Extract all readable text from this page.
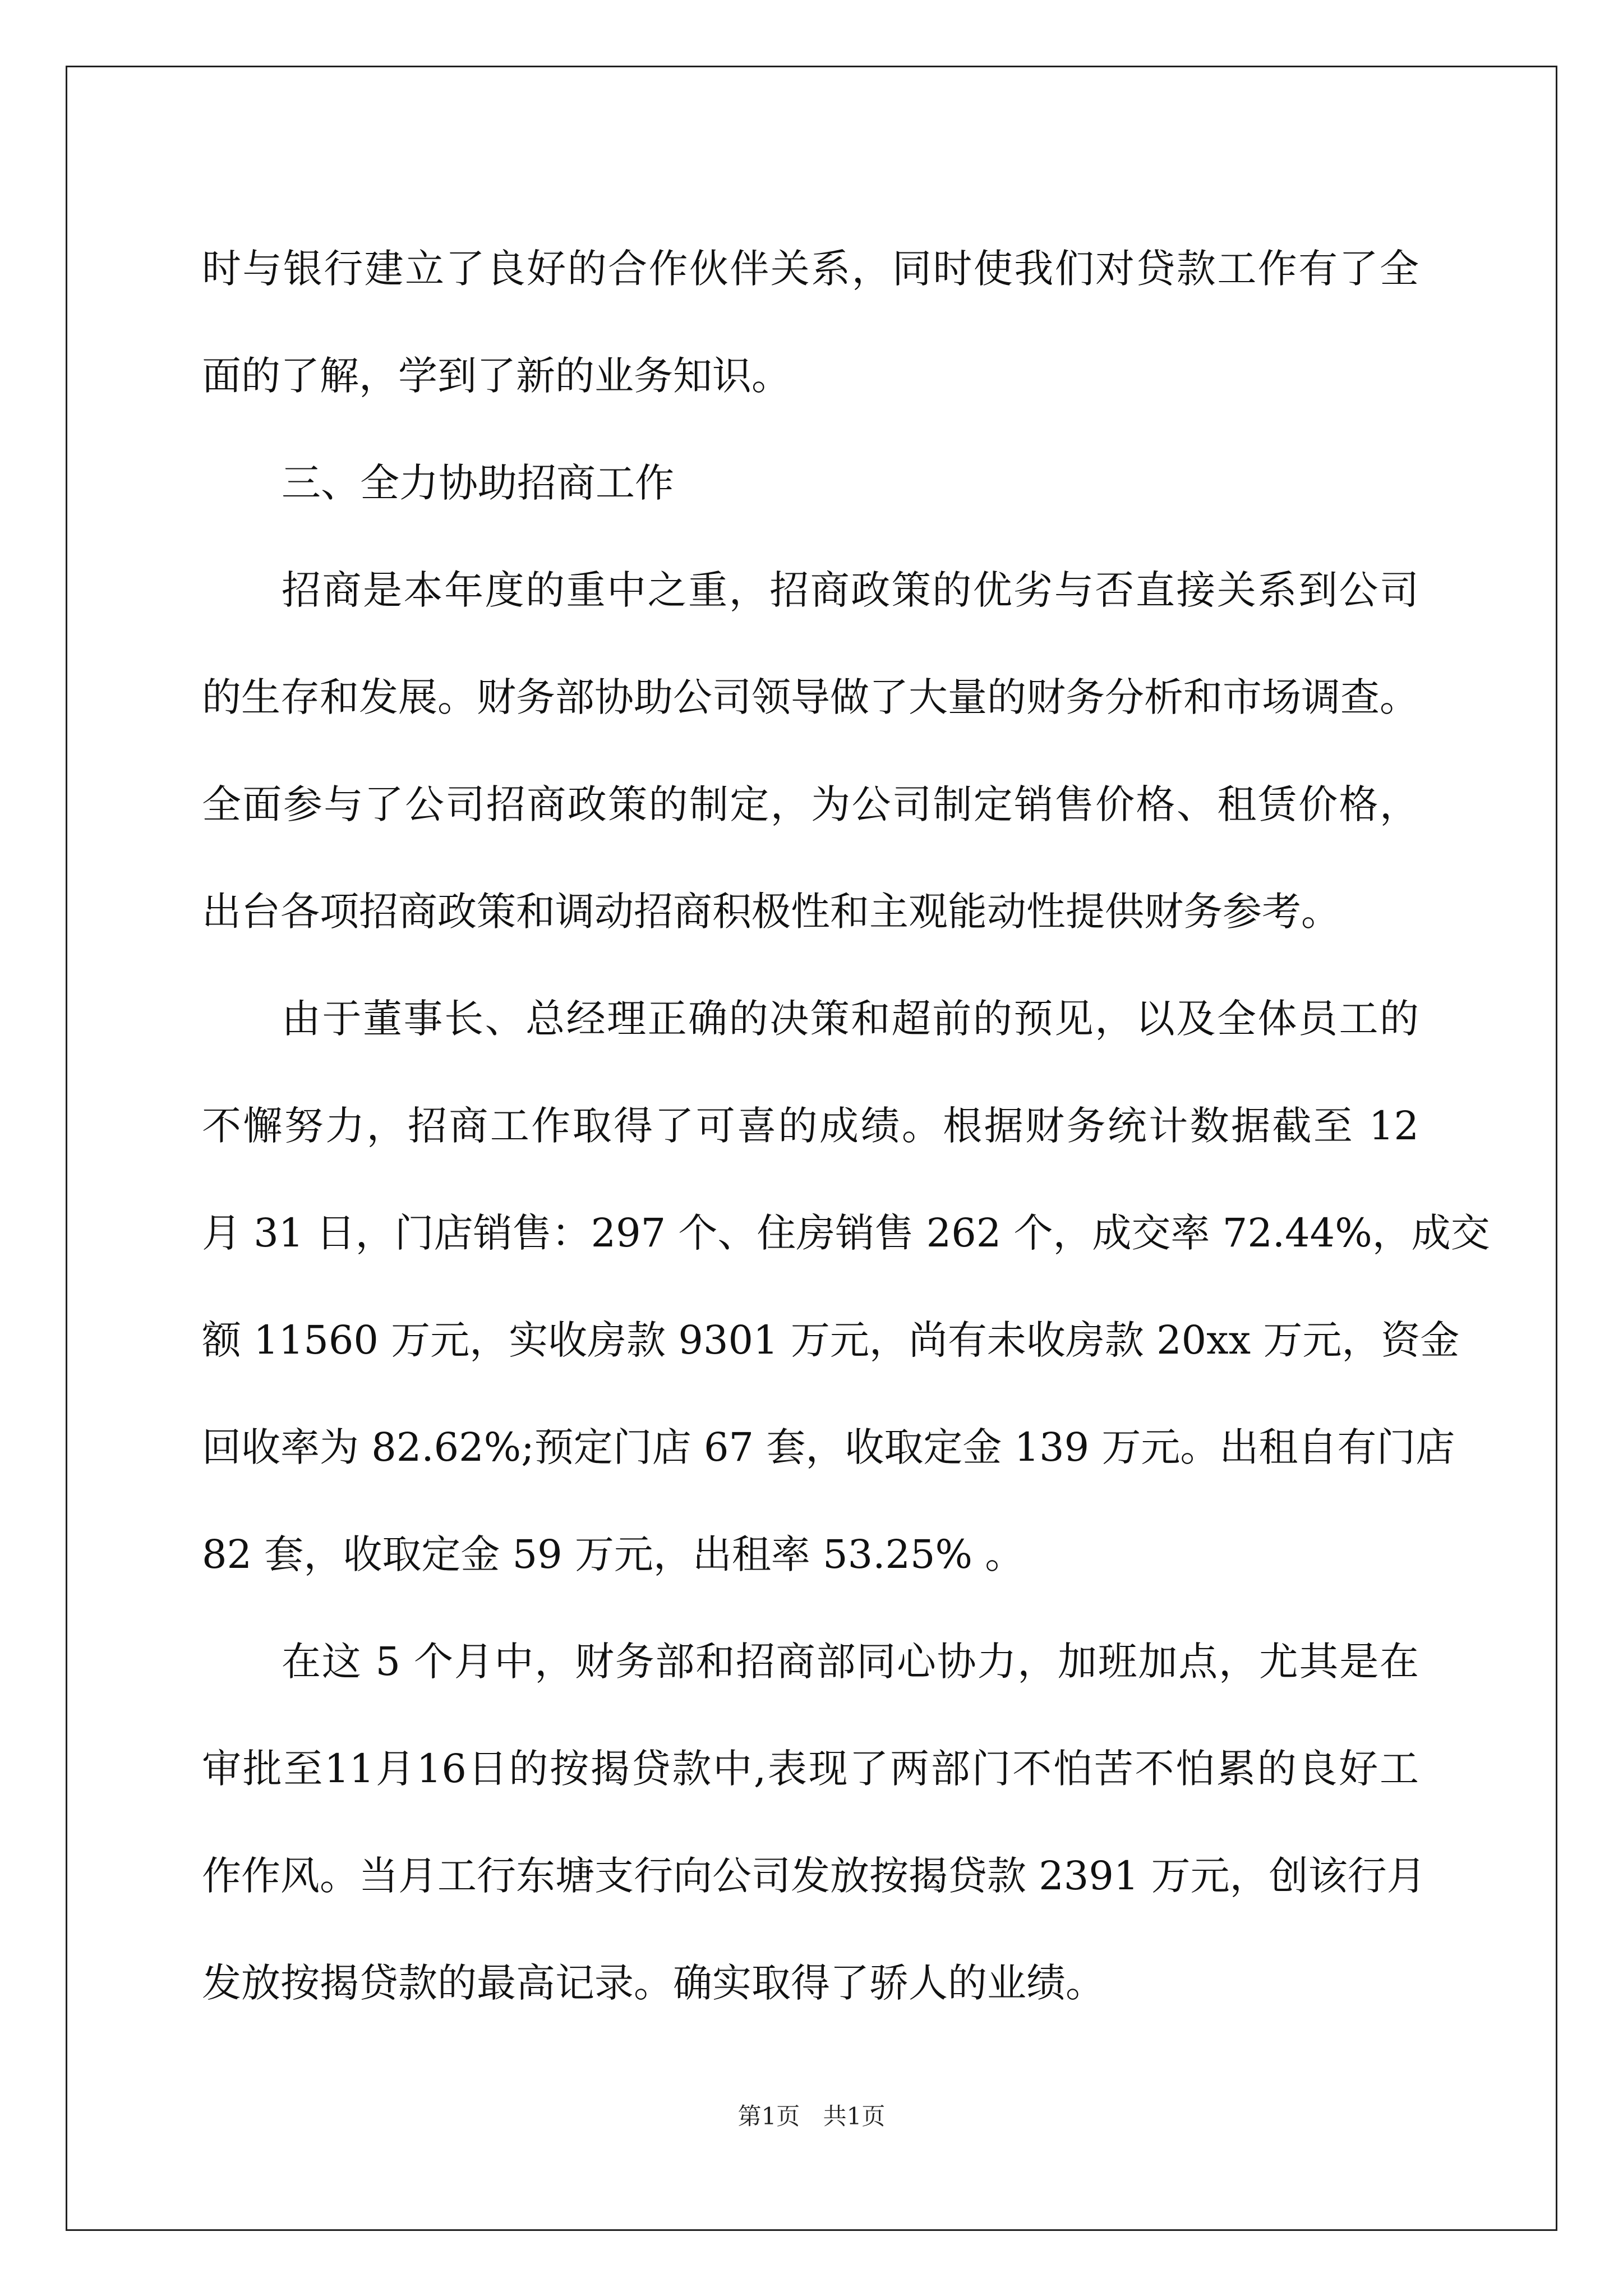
时与银行建立了良好的合作伙伴关系，同时使我们对贷款工作有了全
面的了解，学到了新的业务知识。
三、全力协助招商工作
招商是本年度的重中之重，招商政策的优劣与否直接关系到公司
的生存和发展。财务部协助公司领导做了大量的财务分析和市场调查。
全面参与了公司招商政策的制定，为公司制定销售价格、租赁价格，
出台各项招商政策和调动招商积极性和主观能动性提供财务参考。
由于董事长、总经理正确的决策和超前的预见，以及全体员工的
不懈努力，招商工作取得了可喜的成绩。根据财务统计数据截至 12
月 31 日，门店销售：297 个、住房销售 262 个，成交率 72.44%，成交
额 11560 万元，实收房款 9301 万元，尚有未收房款 20xx 万元，资金
回收率为 82.62%;预定门店 67 套，收取定金 139 万元。出租自有门店
82 套，收取定金 59 万元，出租率 53.25% 。
在这 5 个月中，财务部和招商部同心协力，加班加点，尤其是在
审批至11月16日的按揭贷款中,表现了两部门不怕苦不怕累的良好工
作作风。当月工行东塘支行向公司发放按揭贷款 2391 万元，创该行月
发放按揭贷款的最高记录。确实取得了骄人的业绩。
第1页 共1页
